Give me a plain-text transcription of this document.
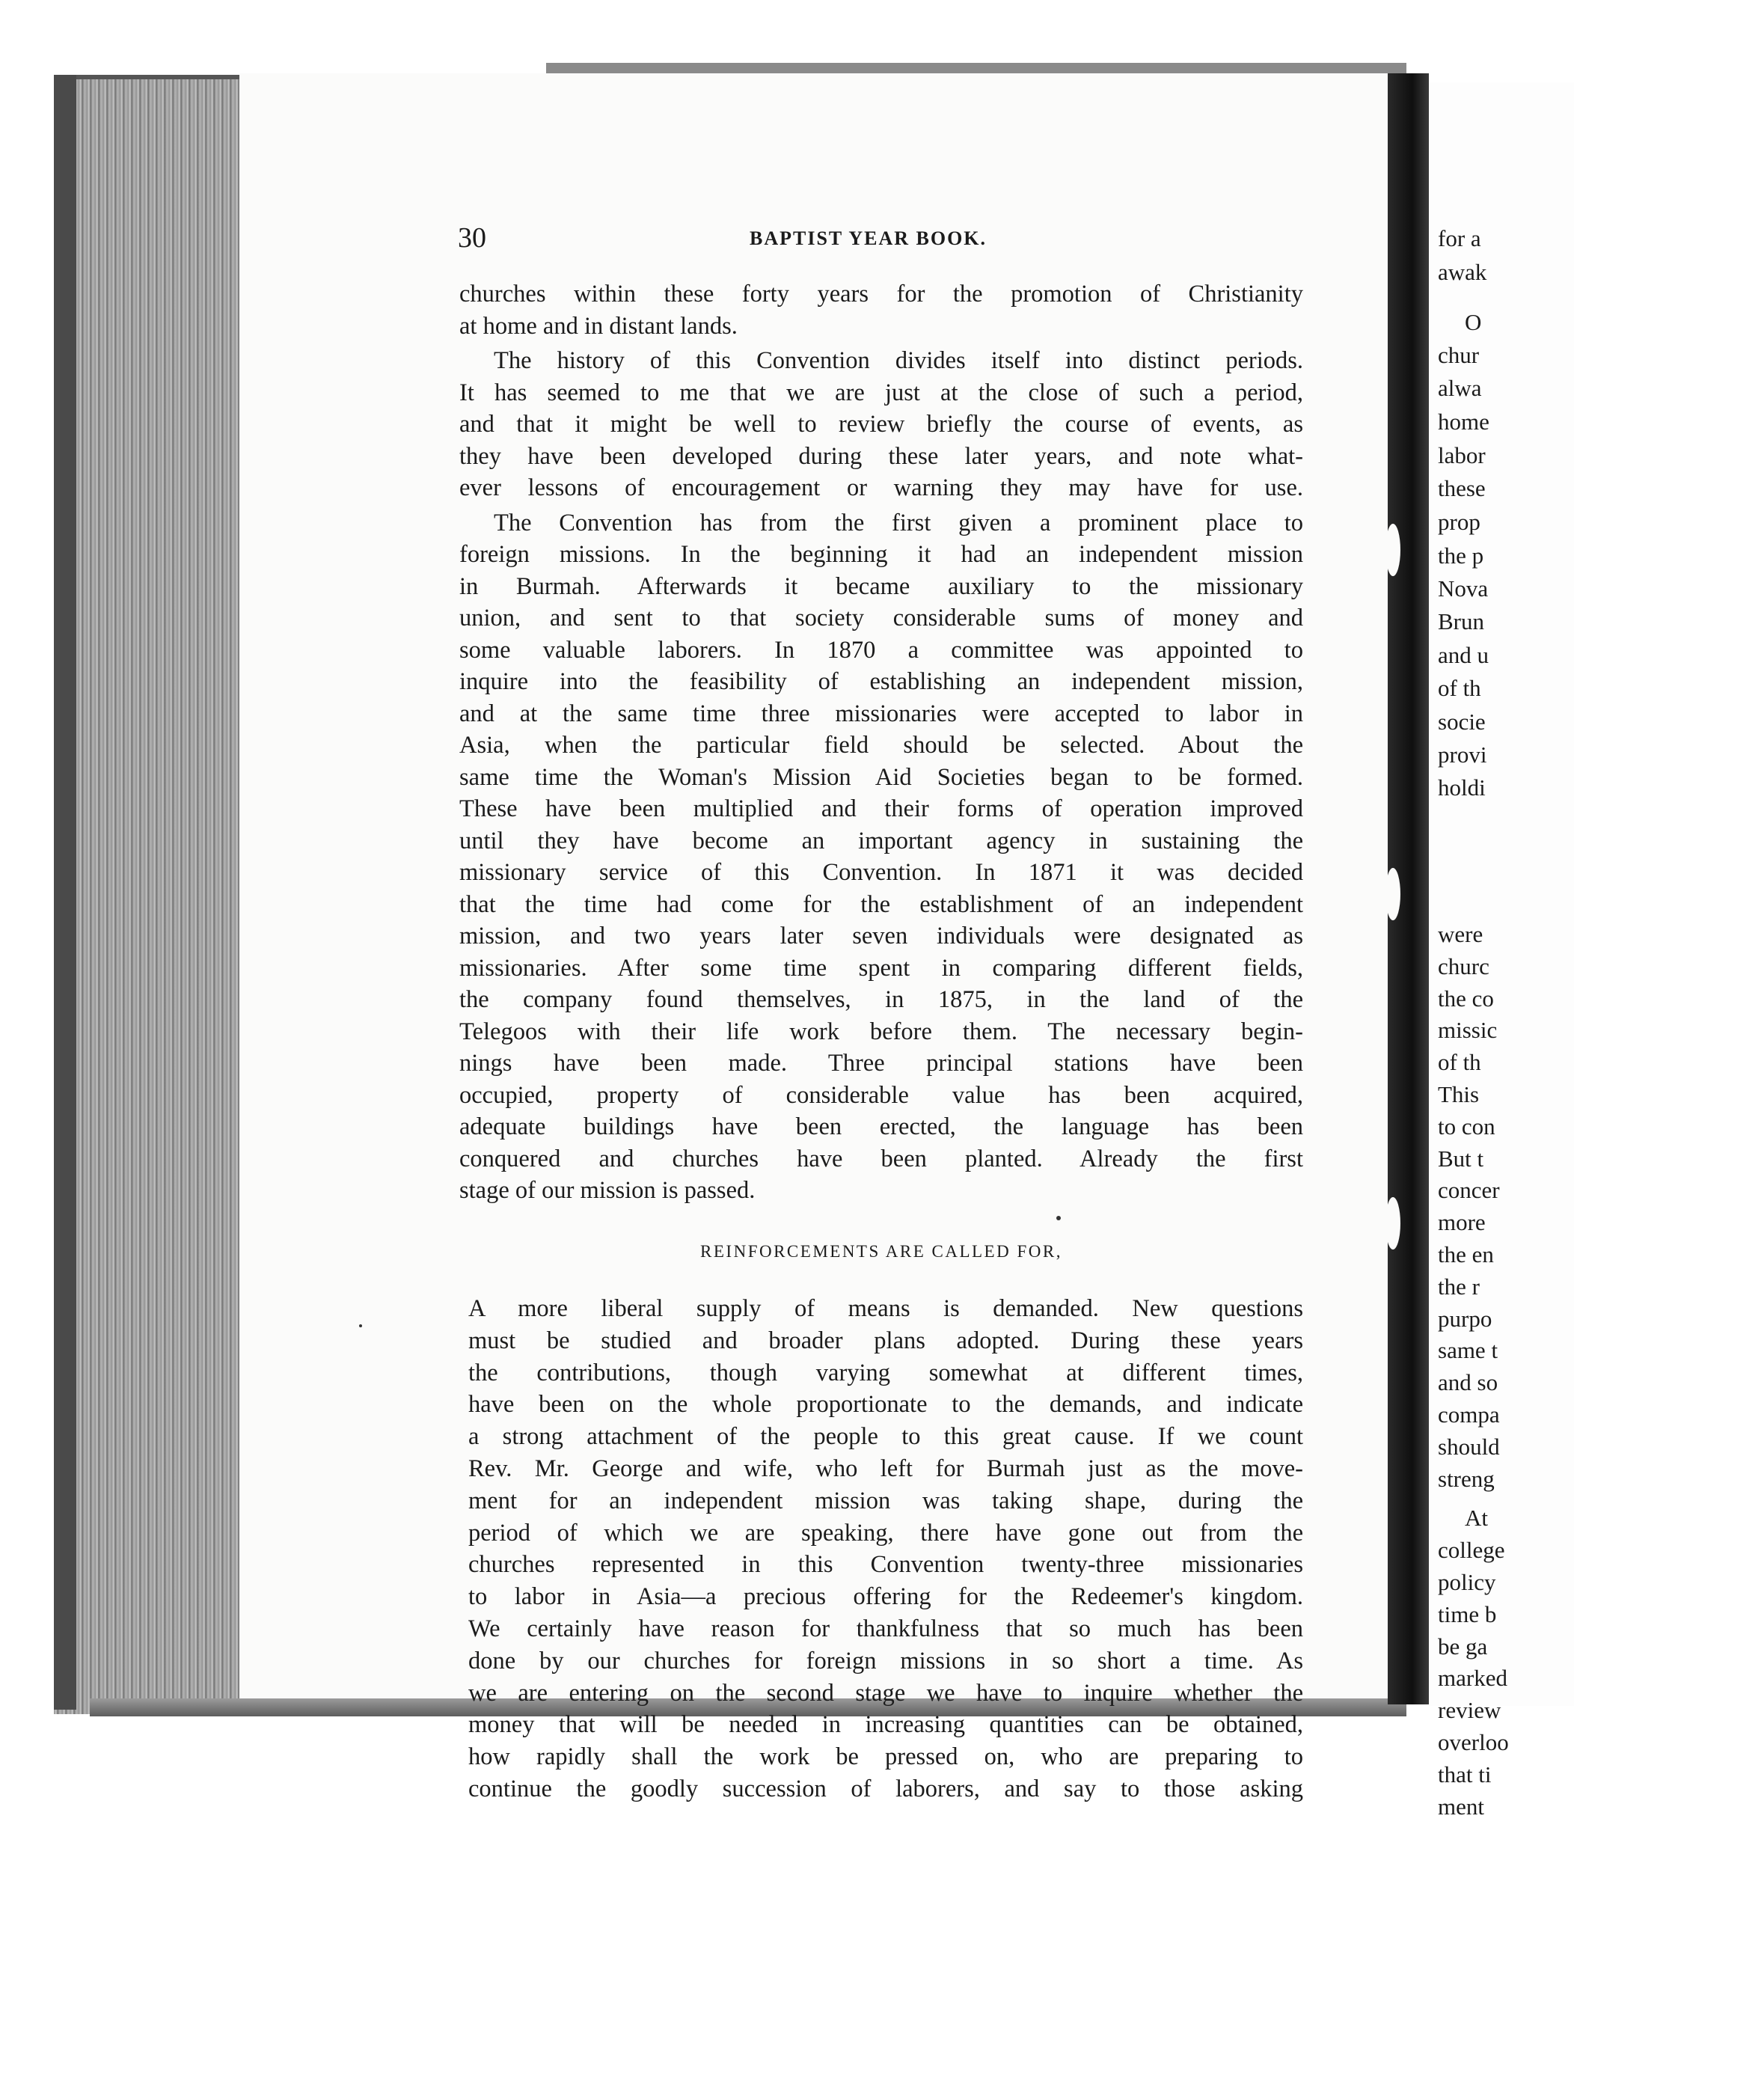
30	BAPTIST YEAR BOOK.
churches within these forty years for the promotion of Christianity
at home and in distant lands.
The history of this Convention divides itself into distinct periods.
It has seemed to me that we are just at the close of such a period,
and that it might be well to review briefly the course of events, as
they have been developed during these later years, and note what-
ever lessons of encouragement or warning they may have for use.
The Convention has from the first given a prominent place to
foreign missions. In the beginning it had an independent mission
in Burmah. Afterwards it became auxiliary to the missionary
union, and sent to that society considerable sums of money and
some valuable laborers. In 1870 a committee was appointed to
inquire into the feasibility of establishing an independent mission,
and at the same time three missionaries were accepted to labor in
Asia, when the particular field should be selected. About the
same time the Woman's Mission Aid Societies began to be formed.
These have been multiplied and their forms of operation improved
until they have become an important agency in sustaining the
missionary service of this Convention. In 1871 it was decided
that the time had come for the establishment of an independent
mission, and two years later seven individuals were designated as
missionaries. After some time spent in comparing different fields,
the company found themselves, in 1875, in the land of the
Telegoos with their life work before them. The necessary begin-
nings have been made. Three principal stations have been
occupied, property of considerable value has been acquired,
adequate buildings have been erected, the language has been
conquered and churches have been planted. Already the first
stage of our mission is passed.
REINFORCEMENTS ARE CALLED FOR,
A more liberal supply of means is demanded. New questions
must be studied and broader plans adopted. During these years
the contributions, though varying somewhat at different times,
have been on the whole proportionate to the demands, and indicate
a strong attachment of the people to this great cause. If we count
Rev. Mr. George and wife, who left for Burmah just as the move-
ment for an independent mission was taking shape, during the
period of which we are speaking, there have gone out from the
churches represented in this Convention twenty-three missionaries
to labor in Asia—a precious offering for the Redeemer's kingdom.
We certainly have reason for thankfulness that so much has been
done by our churches for foreign missions in so short a time. As
we are entering on the second stage we have to inquire whether the
money that will be needed in increasing quantities can be obtained,
how rapidly shall the work be pressed on, who are preparing to
continue the goodly succession of laborers, and say to those asking
for a
awak
O
chur
alwa
home
labor
these
prop
the p
Nova
Brun
and u
of th
socie
provi
holdi
were
churc
the co
missic
of th
This
to con
But t
concer
more
the en
the r
purpo
same t
and so
compa
should
streng
At
college
policy
time b
be ga
marked
review
overloo
that ti
ment
